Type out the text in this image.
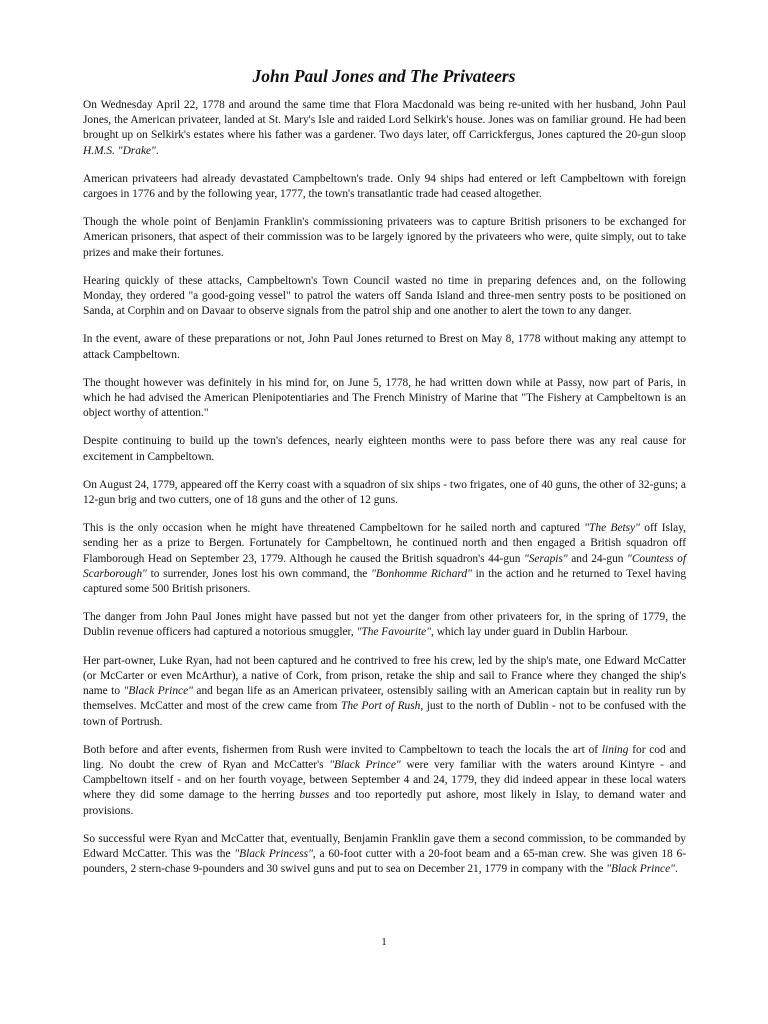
John Paul Jones and The Privateers

On Wednesday April 22, 1778 and around the same time that Flora Macdonald was being re-united with her husband, John Paul Jones, the American privateer, landed at St. Mary's Isle and raided Lord Selkirk's house. Jones was on familiar ground. He had been brought up on Selkirk's estates where his father was a gardener. Two days later, off Carrickfergus, Jones captured the 20-gun sloop H.M.S. "Drake".

American privateers had already devastated Campbeltown's trade. Only 94 ships had entered or left Campbeltown with foreign cargoes in 1776 and by the following year, 1777, the town's transatlantic trade had ceased altogether.

Though the whole point of Benjamin Franklin's commissioning privateers was to capture British prisoners to be exchanged for American prisoners, that aspect of their commission was to be largely ignored by the privateers who were, quite simply, out to take prizes and make their fortunes.

Hearing quickly of these attacks, Campbeltown's Town Council wasted no time in preparing defences and, on the following Monday, they ordered "a good-going vessel" to patrol the waters off Sanda Island and three-men sentry posts to be positioned on Sanda, at Corphin and on Davaar to observe signals from the patrol ship and one another to alert the town to any danger.

In the event, aware of these preparations or not, John Paul Jones returned to Brest on May 8, 1778 without making any attempt to attack Campbeltown.

The thought however was definitely in his mind for, on June 5, 1778, he had written down while at Passy, now part of Paris, in which he had advised the American Plenipotentiaries and The French Ministry of Marine that "The Fishery at Campbeltown is an object worthy of attention."

Despite continuing to build up the town's defences, nearly eighteen months were to pass before there was any real cause for excitement in Campbeltown.

On August 24, 1779, appeared off the Kerry coast with a squadron of six ships - two frigates, one of 40 guns, the other of 32-guns; a 12-gun brig and two cutters, one of 18 guns and the other of 12 guns.

This is the only occasion when he might have threatened Campbeltown for he sailed north and captured "The Betsy" off Islay, sending her as a prize to Bergen. Fortunately for Campbeltown, he continued north and then engaged a British squadron off Flamborough Head on September 23, 1779. Although he caused the British squadron's 44-gun "Serapis" and 24-gun "Countess of Scarborough" to surrender, Jones lost his own command, the "Bonhomme Richard" in the action and he returned to Texel having captured some 500 British prisoners.

The danger from John Paul Jones might have passed but not yet the danger from other privateers for, in the spring of 1779, the Dublin revenue officers had captured a notorious smuggler, "The Favourite", which lay under guard in Dublin Harbour.

Her part-owner, Luke Ryan, had not been captured and he contrived to free his crew, led by the ship's mate, one Edward McCatter (or McCarter or even McArthur), a native of Cork, from prison, retake the ship and sail to France where they changed the ship's name to "Black Prince" and began life as an American privateer, ostensibly sailing with an American captain but in reality run by themselves. McCatter and most of the crew came from The Port of Rush, just to the north of Dublin - not to be confused with the town of Portrush.

Both before and after events, fishermen from Rush were invited to Campbeltown to teach the locals the art of lining for cod and ling. No doubt the crew of Ryan and McCatter's "Black Prince" were very familiar with the waters around Kintyre - and Campbeltown itself - and on her fourth voyage, between September 4 and 24, 1779, they did indeed appear in these local waters where they did some damage to the herring busses and too reportedly put ashore, most likely in Islay, to demand water and provisions.

So successful were Ryan and McCatter that, eventually, Benjamin Franklin gave them a second commission, to be commanded by Edward McCatter. This was the "Black Princess", a 60-foot cutter with a 20-foot beam and a 65-man crew. She was given 18 6-pounders, 2 stern-chase 9-pounders and 30 swivel guns and put to sea on December 21, 1779 in company with the "Black Prince".

1
